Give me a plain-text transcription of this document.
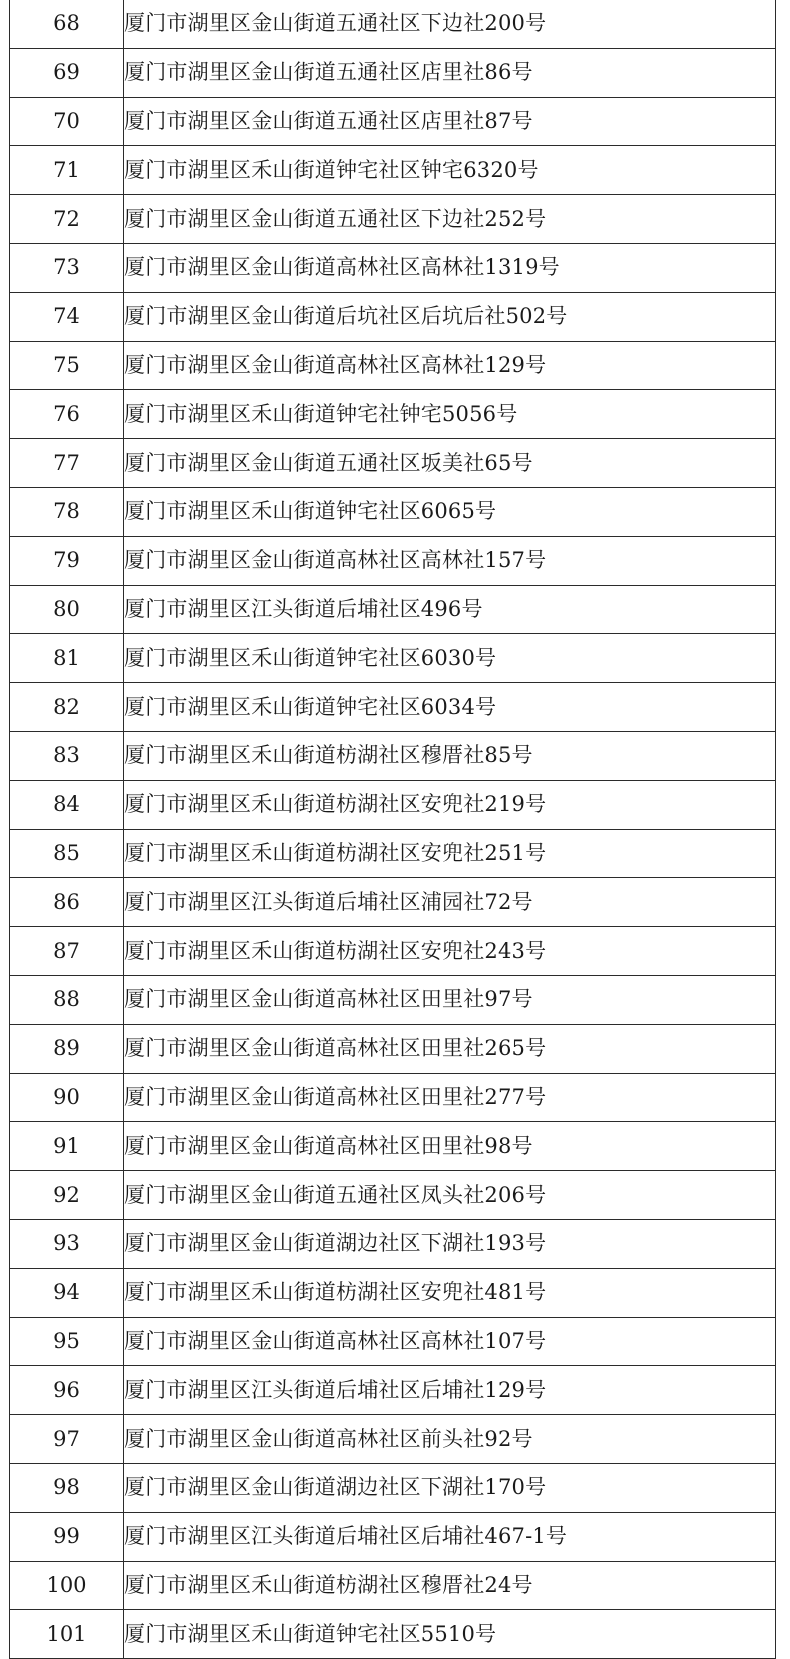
68	厦门市湖里区金山街道五通社区下边社200号
69	厦门市湖里区金山街道五通社区店里社86号
70	厦门市湖里区金山街道五通社区店里社87号
71	厦门市湖里区禾山街道钟宅社区钟宅6320号
72	厦门市湖里区金山街道五通社区下边社252号
73	厦门市湖里区金山街道高林社区高林社1319号
74	厦门市湖里区金山街道后坑社区后坑后社502号
75	厦门市湖里区金山街道高林社区高林社129号
76	厦门市湖里区禾山街道钟宅社钟宅5056号
77	厦门市湖里区金山街道五通社区坂美社65号
78	厦门市湖里区禾山街道钟宅社区6065号
79	厦门市湖里区金山街道高林社区高林社157号
80	厦门市湖里区江头街道后埔社区496号
81	厦门市湖里区禾山街道钟宅社区6030号
82	厦门市湖里区禾山街道钟宅社区6034号
83	厦门市湖里区禾山街道枋湖社区穆厝社85号
84	厦门市湖里区禾山街道枋湖社区安兜社219号
85	厦门市湖里区禾山街道枋湖社区安兜社251号
86	厦门市湖里区江头街道后埔社区浦园社72号
87	厦门市湖里区禾山街道枋湖社区安兜社243号
88	厦门市湖里区金山街道高林社区田里社97号
89	厦门市湖里区金山街道高林社区田里社265号
90	厦门市湖里区金山街道高林社区田里社277号
91	厦门市湖里区金山街道高林社区田里社98号
92	厦门市湖里区金山街道五通社区凤头社206号
93	厦门市湖里区金山街道湖边社区下湖社193号
94	厦门市湖里区禾山街道枋湖社区安兜社481号
95	厦门市湖里区金山街道高林社区高林社107号
96	厦门市湖里区江头街道后埔社区后埔社129号
97	厦门市湖里区金山街道高林社区前头社92号
98	厦门市湖里区金山街道湖边社区下湖社170号
99	厦门市湖里区江头街道后埔社区后埔社467-1号
100	厦门市湖里区禾山街道枋湖社区穆厝社24号
101	厦门市湖里区禾山街道钟宅社区5510号
